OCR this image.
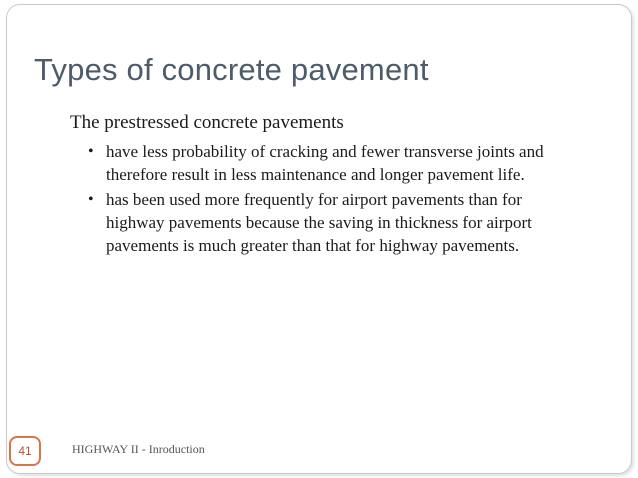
Types of concrete pavement
The prestressed concrete pavements
• have less probability of cracking and fewer transverse joints and
therefore result in less maintenance and longer pavement life.
• has been used more frequently for airport pavements than for
highway pavements because the saving in thickness for airport
pavements is much greater than that for highway pavements.
41	HIGHWAY II - Inroduction
